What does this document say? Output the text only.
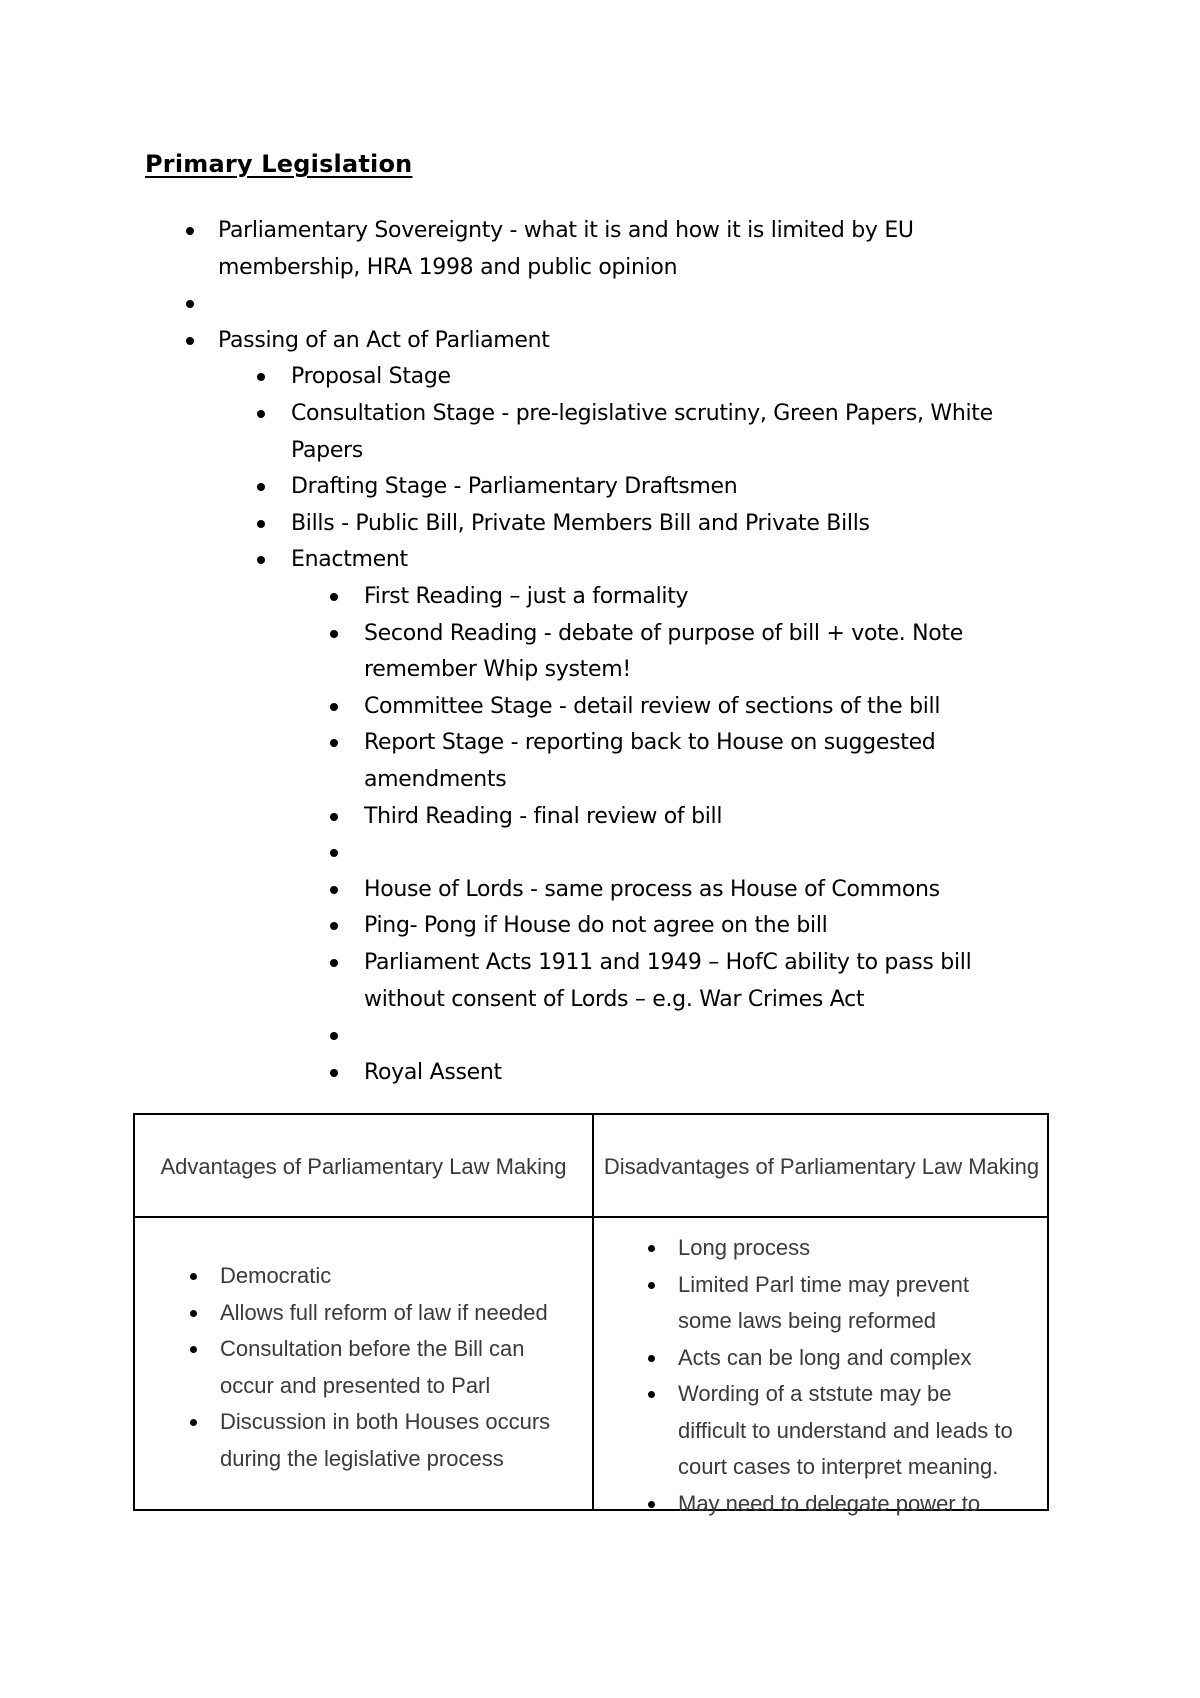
Primary Legislation
Parliamentary Sovereignty - what it is and how it is limited by EU
membership, HRA 1998 and public opinion
Passing of an Act of Parliament
Proposal Stage
Consultation Stage - pre-legislative scrutiny, Green Papers, White
Papers
Drafting Stage - Parliamentary Draftsmen
Bills - Public Bill, Private Members Bill and Private Bills
Enactment
First Reading – just a formality
Second Reading - debate of purpose of bill + vote. Note
remember Whip system!
Committee Stage - detail review of sections of the bill
Report Stage - reporting back to House on suggested
amendments
Third Reading - final review of bill
House of Lords - same process as House of Commons
Ping- Pong if House do not agree on the bill
Parliament Acts 1911 and 1949 – HofC ability to pass bill
without consent of Lords – e.g. War Crimes Act
Royal Assent
Advantages of Parliamentary Law Making	Disadvantages of Parliamentary Law Making
Democratic
Allows full reform of law if needed
Consultation before the Bill can
occur and presented to Parl
Discussion in both Houses occurs
during the legislative process
Long process
Limited Parl time may prevent
some laws being reformed
Acts can be long and complex
Wording of a ststute may be
difficult to understand and leads to
court cases to interpret meaning.
May need to delegate power to
